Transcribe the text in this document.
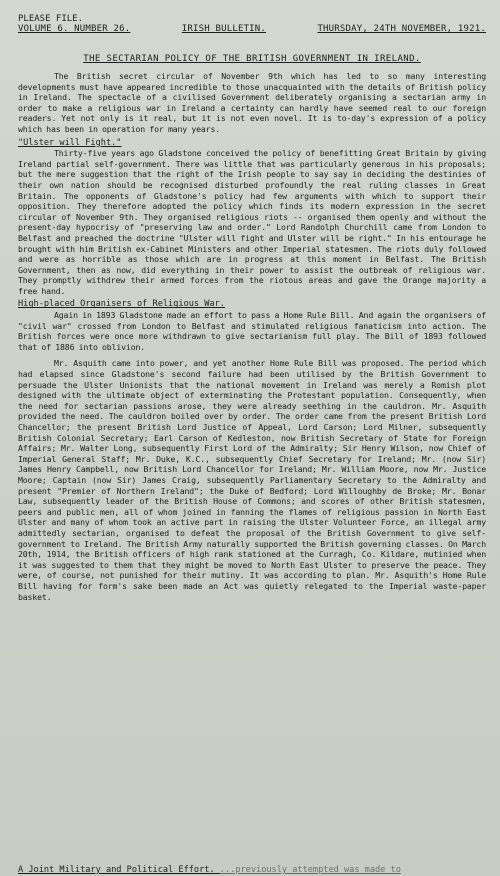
PLEASE FILE.
VOLUME 6. NUMBER 26.	IRISH BULLETIN.	THURSDAY, 24TH NOVEMBER, 1921.
THE SECTARIAN POLICY OF THE BRITISH GOVERNMENT IN IRELAND.

The British secret circular of November 9th which has led to so many interesting developments must have appeared incredible to those unacquainted with the details of British policy in Ireland. The spectacle of a civilised Government deliberately organising a sectarian army in order to make a religious war in Ireland a certainty can hardly have seemed real to our foreign readers. Yet not only is it real, but it is not even novel. It is to-day's expression of a policy which has been in operation for many years.

"Ulster will Fight."

Thirty-five years ago Gladstone conceived the policy of benefitting Great Britain by giving Ireland partial self-government. There was little that was particularly generous in his proposals; but the mere suggestion that the right of the Irish people to say say in deciding the destinies of their own nation should be recognised disturbed profoundly the real ruling classes in Great Britain. The opponents of Gladstone's policy had few arguments with which to support their opposition. They therefore adopted the policy which finds its modern expression in the secret circular of November 9th. They organised religious riots -- organised them openly and without the present-day hypocrisy of "preserving law and order." Lord Randolph Churchill came from London to Belfast and preached the doctrine "Ulster will fight and Ulster will be right." In his entourage he brought with him British ex-Cabinet Ministers and other Imperial statesmen. The riots duly followed and were as horrible as those which are in progress at this moment in Belfast. The British Government, then as now, did everything in their power to assist the outbreak of religious war. They promptly withdrew their armed forces from the riotous areas and gave the Orange majority a free hand.

High-placed Organisers of Religious War.

Again in 1893 Gladstone made an effort to pass a Home Rule Bill. And again the organisers of "civil war" crossed from London to Belfast and stimulated religious fanaticism into action. The British forces were once more withdrawn to give sectarianism full play. The Bill of 1893 followed that of 1886 into oblivion.

Mr. Asquith came into power, and yet another Home Rule Bill was proposed. The period which had elapsed since Gladstone's second failure had been utilised by the British Government to persuade the Ulster Unionists that the national movement in Ireland was merely a Romish plot designed with the ultimate object of exterminating the Protestant population. Consequently, when the need for sectarian passions arose, they were already seething in the cauldron. Mr. Asquith provided the need. The cauldron boiled over by order. The order came from the present British Lord Chancellor; the present British Lord Justice of Appeal, Lord Carson; Lord Milner, subsequently British Colonial Secretary; Earl Carson of Kedleston, now British Secretary of State for Foreign Affairs; Mr. Walter Long, subsequently First Lord of the Admiralty; Sir Henry Wilson, now Chief of Imperial General Staff; Mr. Duke, K.C., subsequently Chief Secretary for Ireland; Mr. (now Sir) James Henry Campbell, now British Lord Chancellor for Ireland; Mr. William Moore, now Mr. Justice Moore; Captain (now Sir) James Craig, subsequently Parliamentary Secretary to the Admiralty and present "Premier of Northern Ireland"; the Duke of Bedford; Lord Willoughby de Broke; Mr. Bonar Law, subsequently leader of the British House of Commons; and scores of other British statesmen, peers and public men, all of whom joined in fanning the flames of religious passion in North East Ulster and many of whom took an active part in raising the Ulster Volunteer Force, an illegal army admittedly sectarian, organised to defeat the proposal of the British Government to give self-government to Ireland. The British Army naturally supported the British governing classes. On March 20th, 1914, the British officers of high rank stationed at the Curragh, Co. Kildare, mutinied when it was suggested to them that they might be moved to North East Ulster to preserve the peace. They were, of course, not punished for their mutiny. It was according to plan. Mr. Asquith's Home Rule Bill having for form's sake been made an Act was quietly relegated to the Imperial waste-paper basket.

A Joint Military and Political Effort. ...previously attempted was made to
